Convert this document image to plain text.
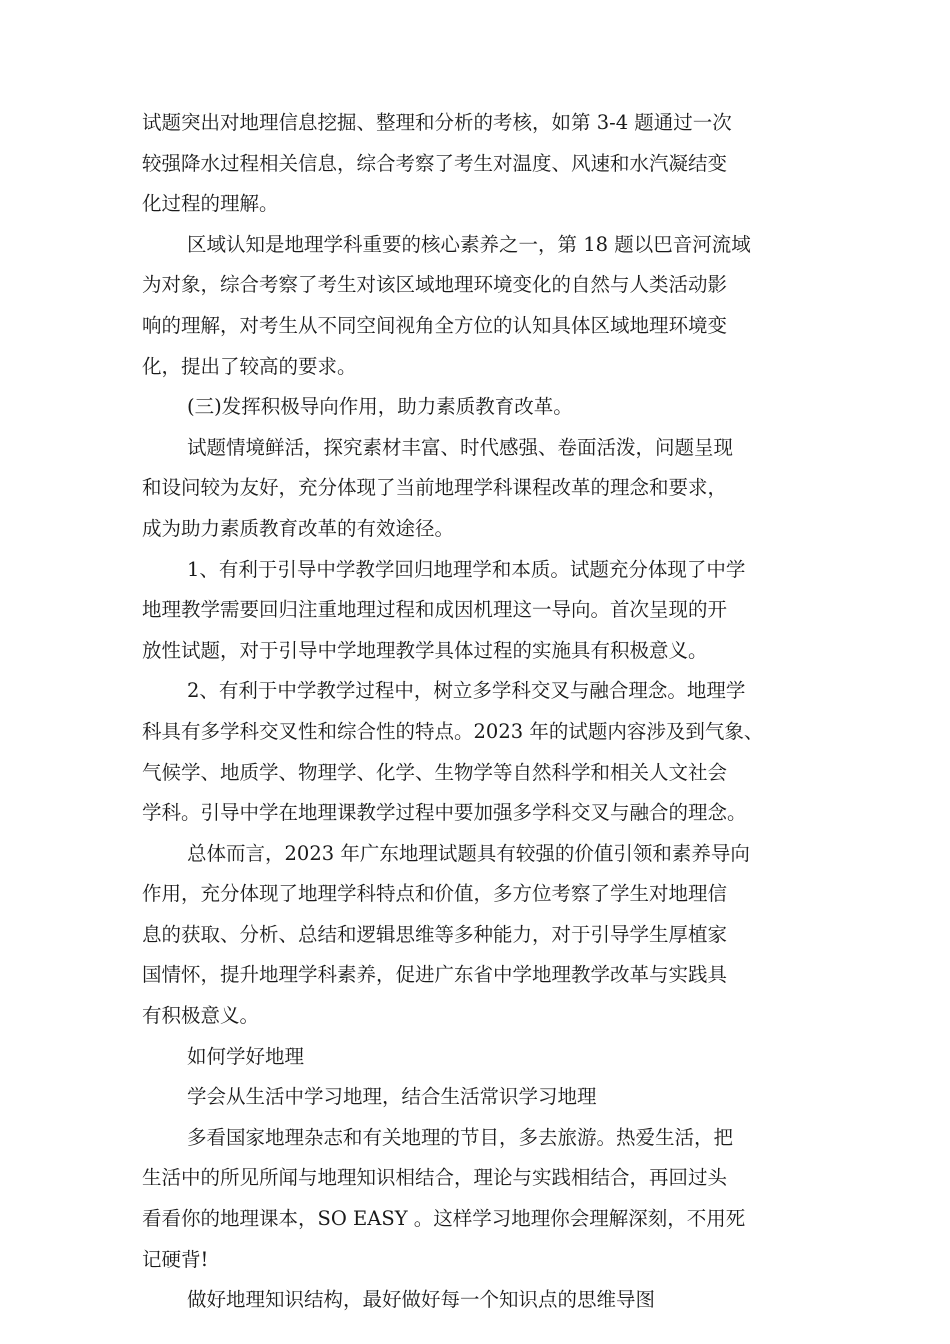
试题突出对地理信息挖掘、整理和分析的考核，如第 3-4 题通过一次
较强降水过程相关信息，综合考察了考生对温度、风速和水汽凝结变
化过程的理解。
区域认知是地理学科重要的核心素养之一，第 18 题以巴音河流域
为对象，综合考察了考生对该区域地理环境变化的自然与人类活动影
响的理解，对考生从不同空间视角全方位的认知具体区域地理环境变
化，提出了较高的要求。
(三)发挥积极导向作用，助力素质教育改革。
试题情境鲜活，探究素材丰富、时代感强、卷面活泼，问题呈现
和设问较为友好，充分体现了当前地理学科课程改革的理念和要求，
成为助力素质教育改革的有效途径。
1、有利于引导中学教学回归地理学和本质。试题充分体现了中学
地理教学需要回归注重地理过程和成因机理这一导向。首次呈现的开
放性试题，对于引导中学地理教学具体过程的实施具有积极意义。
2、有利于中学教学过程中，树立多学科交叉与融合理念。地理学
科具有多学科交叉性和综合性的特点。2023 年的试题内容涉及到气象、
气候学、地质学、物理学、化学、生物学等自然科学和相关人文社会
学科。引导中学在地理课教学过程中要加强多学科交叉与融合的理念。
总体而言，2023 年广东地理试题具有较强的价值引领和素养导向
作用，充分体现了地理学科特点和价值，多方位考察了学生对地理信
息的获取、分析、总结和逻辑思维等多种能力，对于引导学生厚植家
国情怀，提升地理学科素养，促进广东省中学地理教学改革与实践具
有积极意义。
如何学好地理
学会从生活中学习地理，结合生活常识学习地理
多看国家地理杂志和有关地理的节目，多去旅游。热爱生活，把
生活中的所见所闻与地理知识相结合，理论与实践相结合，再回过头
看看你的地理课本，SO EASY 。这样学习地理你会理解深刻，不用死
记硬背!
做好地理知识结构，最好做好每一个知识点的思维导图
